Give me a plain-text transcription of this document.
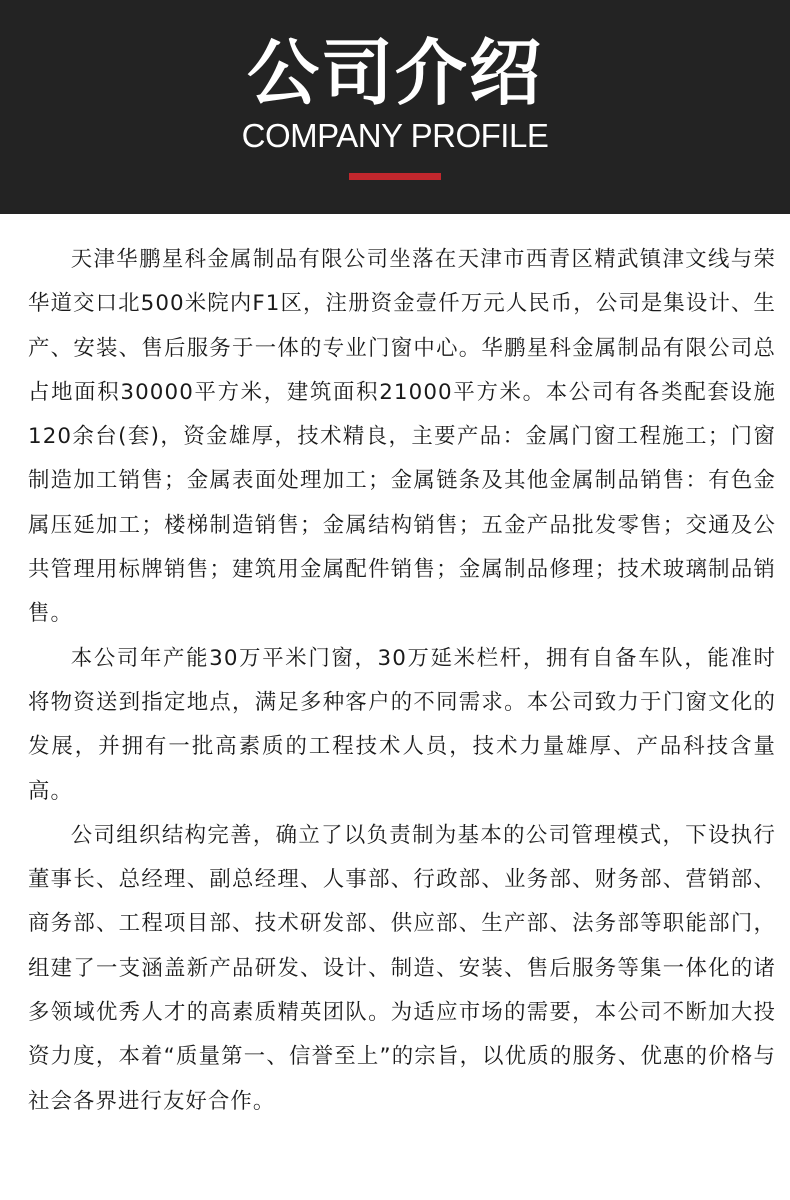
公司介绍
COMPANY PROFILE

天津华鹏星科金属制品有限公司坐落在天津市西青区精武镇津文线与荣华道交口北500米院内F1区，注册资金壹仟万元人民币，公司是集设计、生产、安装、售后服务于一体的专业门窗中心。华鹏星科金属制品有限公司总占地面积30000平方米，建筑面积21000平方米。本公司有各类配套设施120余台(套)，资金雄厚，技术精良，主要产品：金属门窗工程施工；门窗制造加工销售；金属表面处理加工；金属链条及其他金属制品销售：有色金属压延加工；楼梯制造销售；金属结构销售；五金产品批发零售；交通及公共管理用标牌销售；建筑用金属配件销售；金属制品修理；技术玻璃制品销售。

本公司年产能30万平米门窗，30万延米栏杆，拥有自备车队，能准时将物资送到指定地点，满足多种客户的不同需求。本公司致力于门窗文化的发展，并拥有一批高素质的工程技术人员，技术力量雄厚、产品科技含量高。

公司组织结构完善，确立了以负责制为基本的公司管理模式，下设执行董事长、总经理、副总经理、人事部、行政部、业务部、财务部、营销部、商务部、工程项目部、技术研发部、供应部、生产部、法务部等职能部门，组建了一支涵盖新产品研发、设计、制造、安装、售后服务等集一体化的诸多领域优秀人才的高素质精英团队。为适应市场的需要，本公司不断加大投资力度，本着“质量第一、信誉至上”的宗旨，以优质的服务、优惠的价格与社会各界进行友好合作。
